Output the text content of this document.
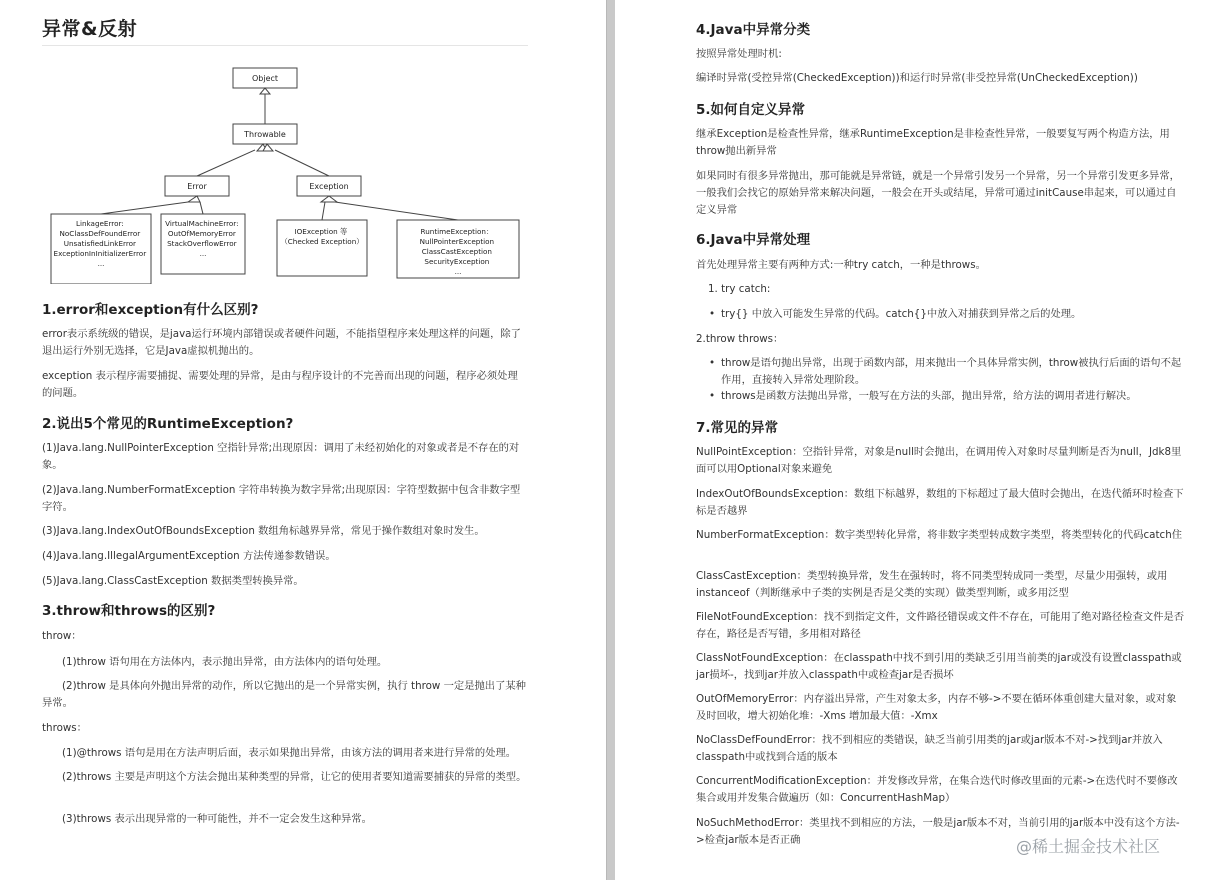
异常&反射
Object
Throwable
Error	Exception
LinkageError: NoClassDefFoundError UnsatisfiedLinkError ExceptionInInitializerError ...
VirtualMachineError: OutOfMemoryError StackOverflowError ...
IOException 等 （Checked Exception）
RuntimeException： NullPointerException ClassCastException SecurityException ...
1.error和exception有什么区别?
error表示系统级的错误，是java运行环境内部错误或者硬件问题，不能指望程序来处理这样的问题，除了退出运行外别无选择，它是Java虚拟机抛出的。
exception 表示程序需要捕捉、需要处理的异常，是由与程序设计的不完善而出现的问题，程序必须处理的问题。
2.说出5个常见的RuntimeException?
(1)Java.lang.NullPointerException 空指针异常;出现原因：调用了未经初始化的对象或者是不存在的对象。
(2)Java.lang.NumberFormatException 字符串转换为数字异常;出现原因：字符型数据中包含非数字型字符。
(3)Java.lang.IndexOutOfBoundsException 数组角标越界异常，常见于操作数组对象时发生。
(4)Java.lang.IllegalArgumentException 方法传递参数错误。
(5)Java.lang.ClassCastException 数据类型转换异常。
3.throw和throws的区别?
throw：
(1)throw 语句用在方法体内，表示抛出异常，由方法体内的语句处理。
(2)throw 是具体向外抛出异常的动作，所以它抛出的是一个异常实例，执行 throw 一定是抛出了某种异常。
throws：
(1)@throws 语句是用在方法声明后面，表示如果抛出异常，由该方法的调用者来进行异常的处理。
(2)throws 主要是声明这个方法会抛出某种类型的异常，让它的使用者要知道需要捕获的异常的类型。
(3)throws 表示出现异常的一种可能性，并不一定会发生这种异常。
4.Java中异常分类
按照异常处理时机:
编译时异常(受控异常(CheckedException))和运行时异常(非受控异常(UnCheckedException))
5.如何自定义异常
继承Exception是检查性异常，继承RuntimeException是非检查性异常，一般要复写两个构造方法，用throw抛出新异常
如果同时有很多异常抛出，那可能就是异常链，就是一个异常引发另一个异常，另一个异常引发更多异常，一般我们会找它的原始异常来解决问题，一般会在开头或结尾，异常可通过initCause串起来，可以通过自定义异常
6.Java中异常处理
首先处理异常主要有两种方式:一种try catch，一种是throws。
1. try catch:
• try{} 中放入可能发生异常的代码。catch{}中放入对捕获到异常之后的处理。
2.throw throws：
• throw是语句抛出异常，出现于函数内部，用来抛出一个具体异常实例，throw被执行后面的语句不起作用，直接转入异常处理阶段。
• throws是函数方法抛出异常，一般写在方法的头部，抛出异常，给方法的调用者进行解决。
7.常见的异常
NullPointException：空指针异常，对象是null时会抛出，在调用传入对象时尽量判断是否为null，Jdk8里面可以用Optional对象来避免
IndexOutOfBoundsException：数组下标越界，数组的下标超过了最大值时会抛出，在迭代循环时检查下标是否越界
NumberFormatException：数字类型转化异常，将非数字类型转成数字类型，将类型转化的代码catch住
ClassCastException：类型转换异常，发生在强转时，将不同类型转成同一类型，尽量少用强转，或用instanceof（判断继承中子类的实例是否是父类的实现）做类型判断，或多用泛型
FileNotFoundException：找不到指定文件，文件路径错误或文件不存在，可能用了绝对路径检查文件是否存在，路径是否写错，多用相对路径
ClassNotFoundException：在classpath中找不到引用的类缺乏引用当前类的jar或没有设置classpath或jar损坏-，找到jar并放入classpath中或检查jar是否损坏
OutOfMemoryError：内存溢出异常，产生对象太多，内存不够->不要在循环体重创建大量对象，或对象及时回收，增大初始化堆：-Xms 增加最大值：-Xmx
NoClassDefFoundError：找不到相应的类错误，缺乏当前引用类的jar或jar版本不对->找到jar并放入classpath中或找到合适的版本
ConcurrentModificationException：并发修改异常，在集合迭代时修改里面的元素->在迭代时不要修改集合或用并发集合做遍历（如：ConcurrentHashMap）
NoSuchMethodError：类里找不到相应的方法，一般是jar版本不对，当前引用的jar版本中没有这个方法->检查jar版本是否正确	@稀土掘金技术社区
